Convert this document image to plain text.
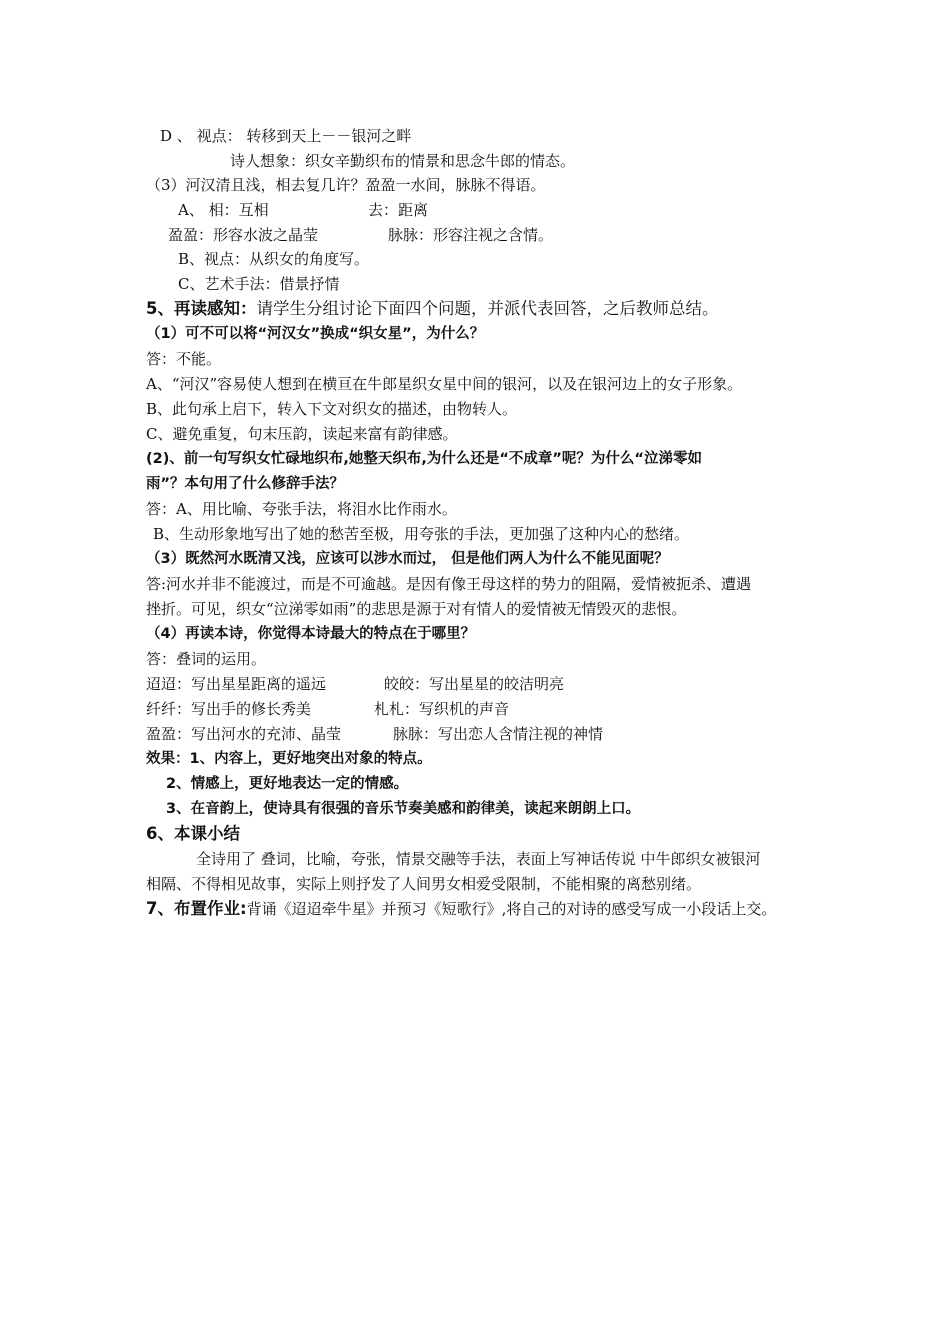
D 、 视点： 转移到天上－－银河之畔
诗人想象：织女辛勤织布的情景和思念牛郎的情态。
（3）河汉清且浅，相去复几许？盈盈一水间，脉脉不得语。
A、 相：互相	去：距离
盈盈：形容水波之晶莹	脉脉：形容注视之含情。
B、视点：从织女的角度写。
C、艺术手法：借景抒情
5、再读感知：请学生分组讨论下面四个问题，并派代表回答，之后教师总结。
（1）可不可以将“河汉女”换成“织女星”，为什么？
答：不能。
A、“河汉”容易使人想到在横亘在牛郎星织女星中间的银河，以及在银河边上的女子形象。
B、此句承上启下，转入下文对织女的描述，由物转人。
C、避免重复，句末压韵，读起来富有韵律感。
(2)、前一句写织女忙碌地织布,她整天织布,为什么还是“不成章”呢？为什么“泣涕零如
雨”？本句用了什么修辞手法？
答：A、用比喻、夸张手法，将泪水比作雨水。
B、生动形象地写出了她的愁苦至极，用夸张的手法，更加强了这种内心的愁绪。
（3）既然河水既清又浅，应该可以涉水而过， 但是他们两人为什么不能见面呢？
答:河水并非不能渡过，而是不可逾越。是因有像王母这样的势力的阻隔，爱情被扼杀、遭遇
挫折。可见，织女“泣涕零如雨”的悲思是源于对有情人的爱情被无情毁灭的悲恨。
（4）再读本诗，你觉得本诗最大的特点在于哪里？
答：叠词的运用。
迢迢：写出星星距离的遥远	皎皎：写出星星的皎洁明亮
纤纤：写出手的修长秀美	札札：写织机的声音
盈盈：写出河水的充沛、晶莹	脉脉：写出恋人含情注视的神情
效果：1、内容上，更好地突出对象的特点。
2、情感上，更好地表达一定的情感。
3、在音韵上，使诗具有很强的音乐节奏美感和韵律美，读起来朗朗上口。
6、本课小结
全诗用了 叠词，比喻，夸张，情景交融等手法，表面上写神话传说 中牛郎织女被银河
相隔、不得相见故事，实际上则抒发了人间男女相爱受限制，不能相聚的离愁别绪。
7、布置作业:背诵《迢迢牵牛星》并预习《短歌行》,将自己的对诗的感受写成一小段话上交。
